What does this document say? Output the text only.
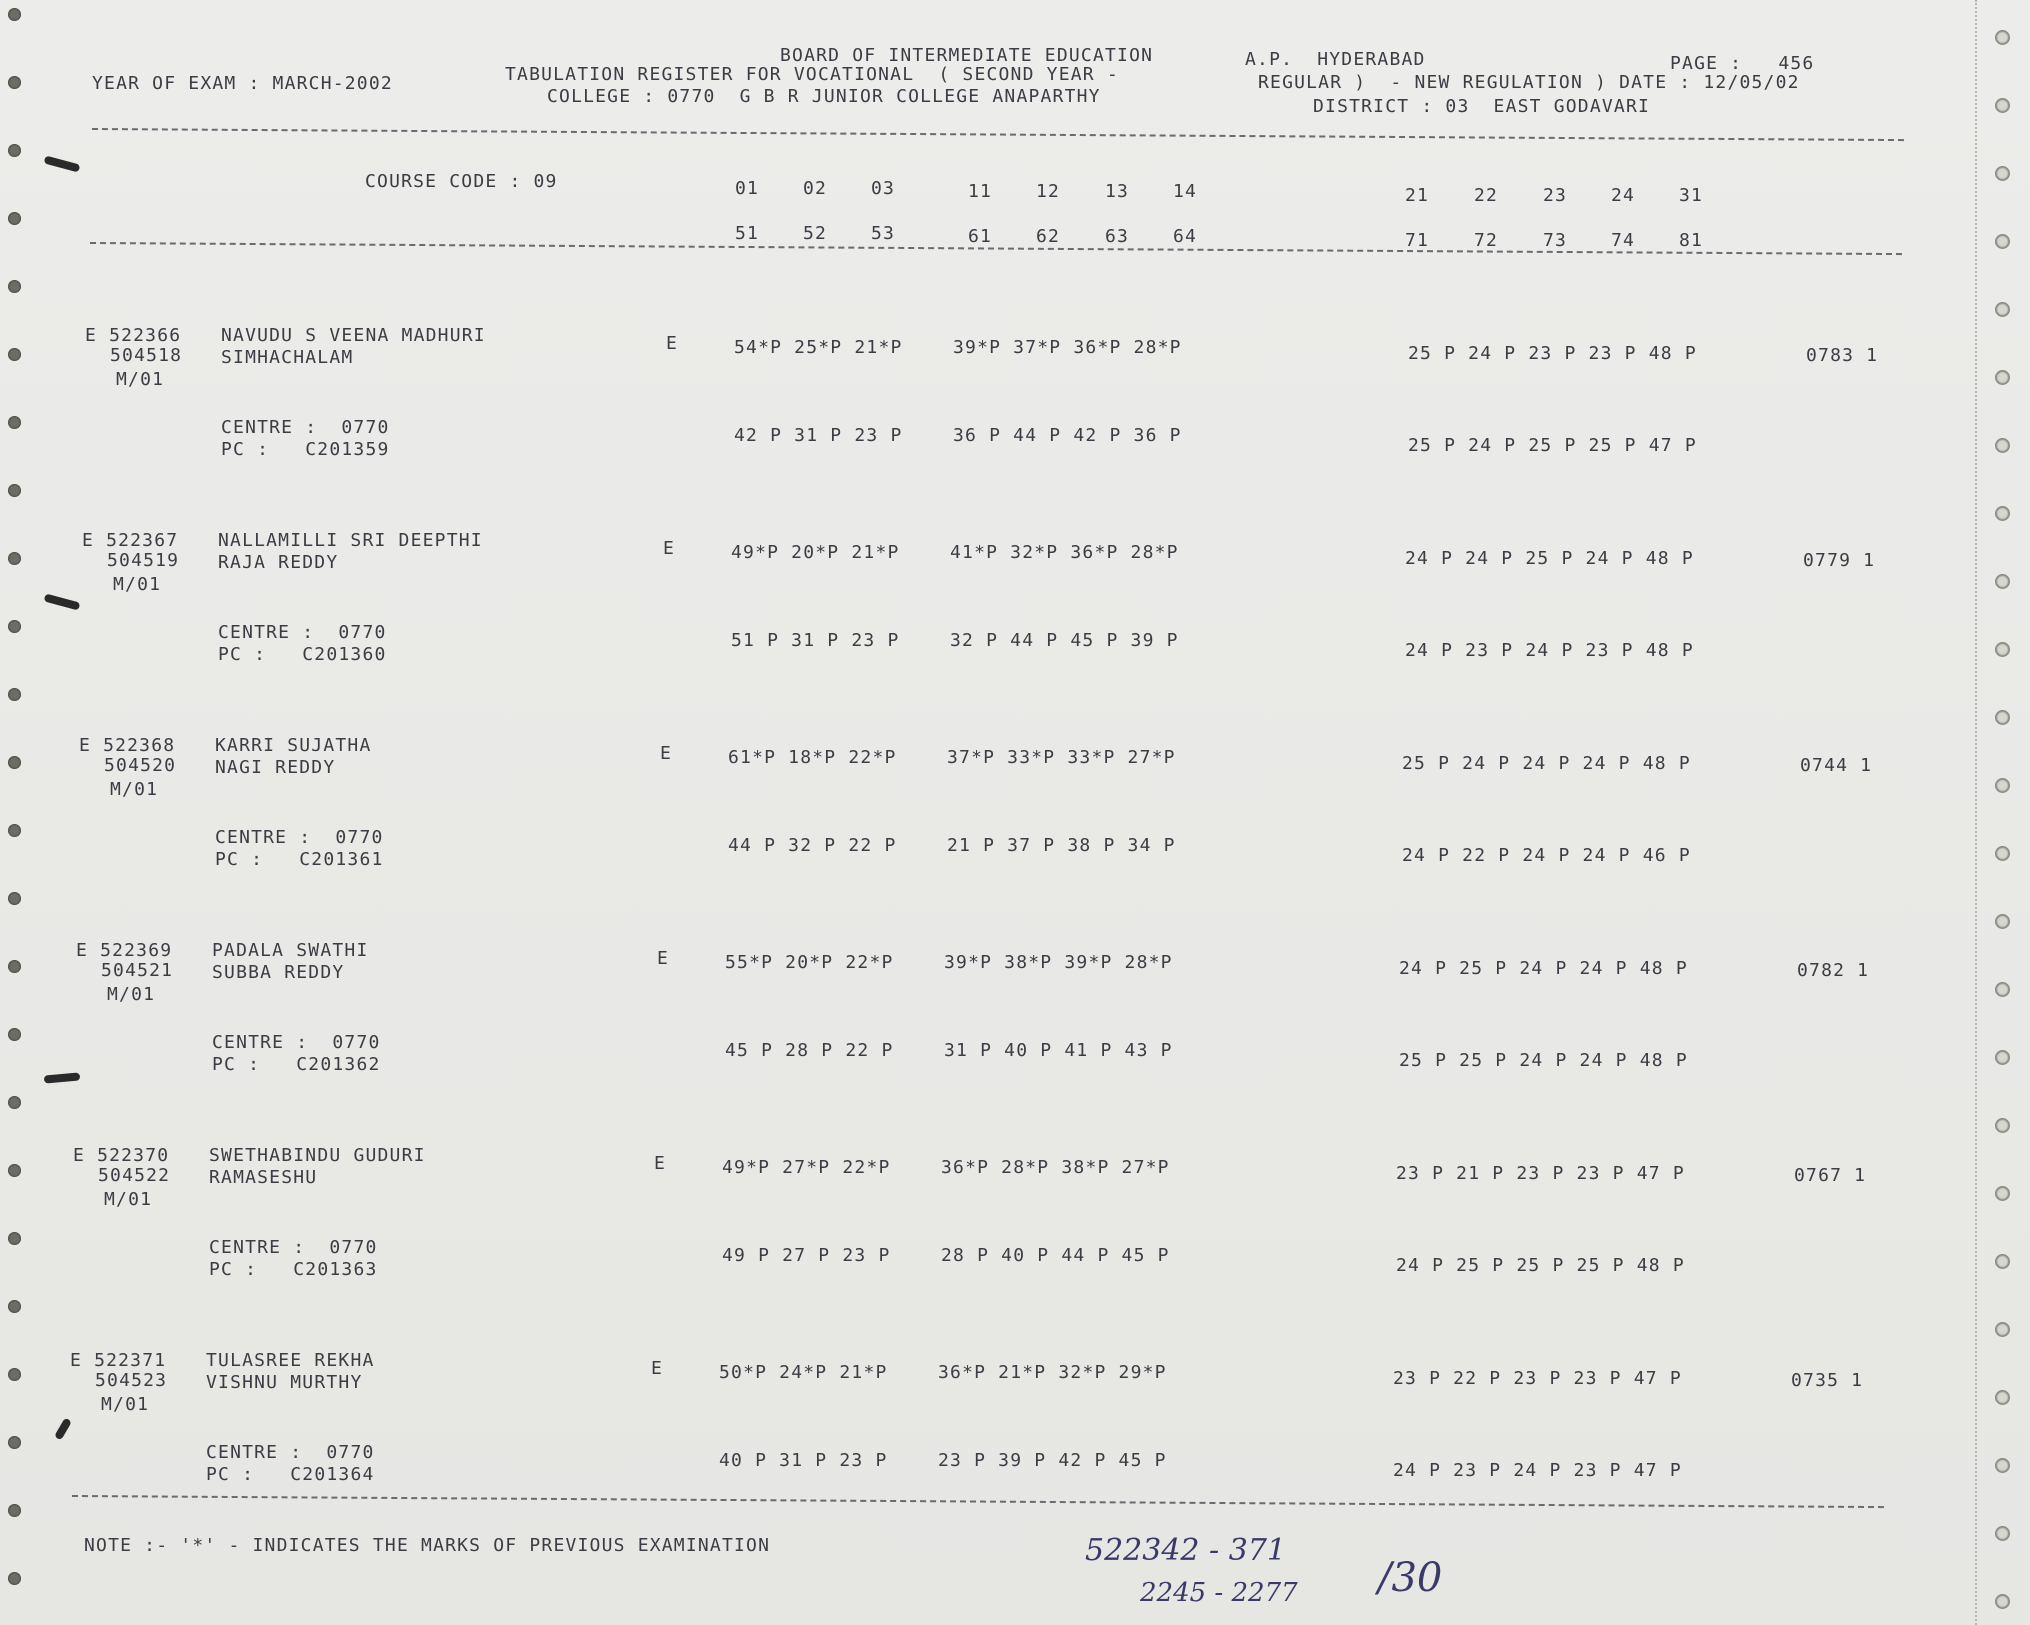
YEAR OF EXAM : MARCH-2002
BOARD OF INTERMEDIATE EDUCATION	A.P.  HYDERABAD	PAGE :   456
TABULATION REGISTER FOR VOCATIONAL  ( SECOND YEAR -	REGULAR )  - NEW REGULATION ) DATE : 12/05/02
COLLEGE : 0770  G B R JUNIOR COLLEGE ANAPARTHY	DISTRICT : 03  EAST GODAVARI
COURSE CODE : 09	01 02 03	11 12 13 14	21 22 23 24 31
51 52 53	61 62 63 64	71 72 73 74 81
E 522366
504518
M/01
NAVUDU S VEENA MADHURI
SIMHACHALAM
E	54*P 25*P 21*P	39*P 37*P 36*P 28*P	25 P 24 P 23 P 23 P 48 P	0783 1
CENTRE :  0770
PC :   C201359
42 P 31 P 23 P	36 P 44 P 42 P 36 P	25 P 24 P 25 P 25 P 47 P
E 522367
504519
M/01
NALLAMILLI SRI DEEPTHI
RAJA REDDY
E	49*P 20*P 21*P	41*P 32*P 36*P 28*P	24 P 24 P 25 P 24 P 48 P	0779 1
CENTRE :  0770
PC :   C201360
51 P 31 P 23 P	32 P 44 P 45 P 39 P	24 P 23 P 24 P 23 P 48 P
E 522368
504520
M/01
KARRI SUJATHA
NAGI REDDY
E	61*P 18*P 22*P	37*P 33*P 33*P 27*P	25 P 24 P 24 P 24 P 48 P	0744 1
CENTRE :  0770
PC :   C201361
44 P 32 P 22 P	21 P 37 P 38 P 34 P	24 P 22 P 24 P 24 P 46 P
E 522369
504521
M/01
PADALA SWATHI
SUBBA REDDY
E	55*P 20*P 22*P	39*P 38*P 39*P 28*P	24 P 25 P 24 P 24 P 48 P	0782 1
CENTRE :  0770
PC :   C201362
45 P 28 P 22 P	31 P 40 P 41 P 43 P	25 P 25 P 24 P 24 P 48 P
E 522370
504522
M/01
SWETHABINDU GUDURI
RAMASESHU
E	49*P 27*P 22*P	36*P 28*P 38*P 27*P	23 P 21 P 23 P 23 P 47 P	0767 1
CENTRE :  0770
PC :   C201363
49 P 27 P 23 P	28 P 40 P 44 P 45 P	24 P 25 P 25 P 25 P 48 P
E 522371
504523
M/01
TULASREE REKHA
VISHNU MURTHY
E	50*P 24*P 21*P	36*P 21*P 32*P 29*P	23 P 22 P 23 P 23 P 47 P	0735 1
CENTRE :  0770
PC :   C201364
40 P 31 P 23 P	23 P 39 P 42 P 45 P	24 P 23 P 24 P 23 P 47 P
NOTE :- '*' - INDICATES THE MARKS OF PREVIOUS EXAMINATION	522342 - 371
2245 - 2277 /30
